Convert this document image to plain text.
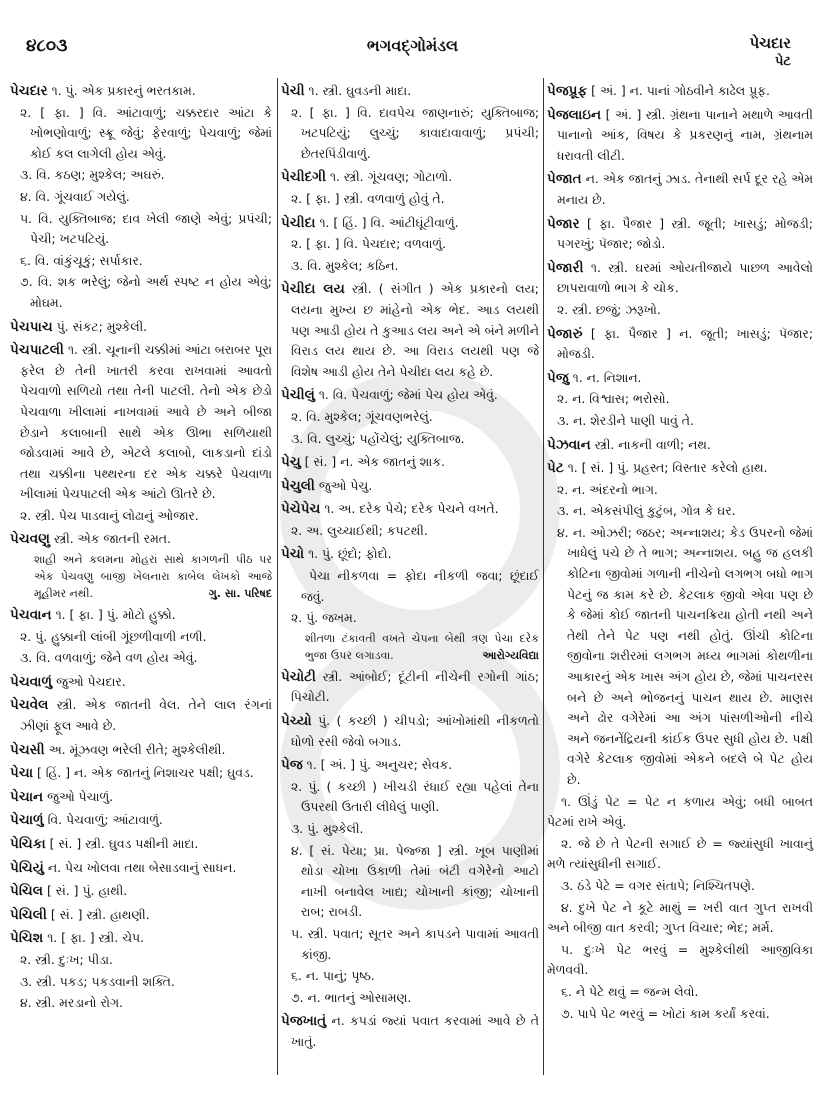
૪૮૦૩	ભગવદ્ગોમંડલ	પેચદાર
પેટ
પેચદાર ૧. પું. એક પ્રકારનું ભરતકામ.
૨. [ ફા. ] વિ. આંટાવાળું; ચક્કરદાર આંટા કે ખોભણોવાળું; સ્ક્રૂ જેવું; ફેરવાળું; પેચવાળું; જેમાં કોઈ કલ લાગેલી હોય એવું.
૩. વિ. કઠણ; મુશ્કેલ; અઘરું.
૪. વિ. ગૂંચવાઈ ગયેલું.
૫. વિ. યુક્તિબાજ; દાવ ખેલી જાણે એવું; પ્રપંચી; પેચી; ખટપટિયું.
૬. વિ. વાંકુંચૂકું; સર્પાકાર.
૭. વિ. શક ભરેલું; જેનો અર્થ સ્પષ્ટ ન હોય એવું; મોઘમ.
પેચપાચ પું. સંકટ; મુશ્કેલી.
પેચપાટલી ૧. સ્ત્રી. ચૂનાની ચક્કીમાં આંટા બરાબર પૂરા ફરેલ છે તેની ખાતરી કરવા રાખવામાં આવતો પેચવાળો સળિયો તથા તેની પાટલી. તેનો એક છેડો પેચવાળા ખીલામાં નાખવામાં આવે છે અને બીજા છેડાને કલાબાની સાથે એક ઊભા સળિયાથી જોડવામાં આવે છે, એટલે કલાબો, લાકડાનો દાંડો તથા ચક્કીના પથ્થરના દર એક ચક્કરે પેચવાળા ખીલામાં પેચપાટલી એક આંટો ઊતરે છે.
૨. સ્ત્રી. પેચ પાડવાનું લોઢાનું ઓજાર.
પેચવણુ સ્ત્રી. એક જાતની રમત.
શાહી અને કલમના મોહરાં સાથે કાગળની પીઠ પર એક પેચવણુ બાજી ખેલનારા કાબેલ લેખકો આજે મૂહીમર નથી.	ગુ. સા. પરિષદ
પેચવાન ૧. [ ફા. ] પું. મોટો હુક્કો.
૨. પું. હુક્કાની લાંબી ગૂંછળીવાળી નળી.
૩. વિ. વળવાળું; જેને વળ હોય એવું.
પેચવાળું જુઓ પેચદાર.
પેચવેલ સ્ત્રી. એક જાતની વેલ. તેને લાલ રંગનાં ઝીણાં ફૂલ આવે છે.
પેચસી અ. મૂંઝવણ ભરેલી રીતે; મુશ્કેલીથી.
પેચા [ હિં. ] ન. એક જાતનું નિશાચર પક્ષી; ઘુવડ.
પેચાન જુઓ પેચાળું.
પેચાળું વિ. પેચવાળું; આંટાવાળું.
પેચિકા [ સં. ] સ્ત્રી. ઘુવડ પક્ષીની માદા.
પેચિયું ન. પેચ ખોલવા તથા બેસાડવાનું સાધન.
પેચિલ [ સં. ] પું. હાથી.
પેચિલી [ સં. ] સ્ત્રી. હાથણી.
પેચિશ ૧. [ ફા. ] સ્ત્રી. ચેપ.
૨. સ્ત્રી. દુઃખ; પીડા.
૩. સ્ત્રી. પકડ; પકડવાની શક્તિ.
૪. સ્ત્રી. મરડાનો રોગ.
પેચી ૧. સ્ત્રી. ઘુવડની માદા.
૨. [ ફા. ] વિ. દાવપેચ જાણનારું; યુક્તિબાજ; ખટપટિયું; લુચ્ચું; કાવાદાવાવાળું; પ્રપંચી; છેતરપિંડીવાળું.
પેચીદગી ૧. સ્ત્રી. ગૂંચવણ; ગોટાળો.
૨. [ ફા. ] સ્ત્રી. વળવાળું હોવું તે.
પેચીદા ૧. [ હિં. ] વિ. આંટીઘૂંટીવાળું.
૨. [ ફા. ] વિ. પેચદાર; વળવાળું.
૩. વિ. મુશ્કેલ; કઠિન.
પેચીદા લય સ્ત્રી. ( સંગીત ) એક પ્રકારનો લય; લયના મુખ્ય છ માંહેનો એક ભેદ. આડ લયથી પણ આડી હોય તે કુઆડ લય અને એ બંને મળીને વિરાડ લય થાય છે. આ વિરાડ લયથી પણ જે વિશેષ આડી હોય તેને પેચીદા લય કહે છે.
પેચીલું ૧. વિ. પેચવાળું; જેમાં પેચ હોય એવું.
૨. વિ. મુશ્કેલ; ગૂંચવણભરેલું.
૩. વિ. લુચ્ચું; પહોંચેલું; યુક્તિબાજ.
પેચુ [ સં. ] ન. એક જાતનું શાક.
પેચુલી જુઓ પેચુ.
પેચેપેચ ૧. અ. દરેક પેચે; દરેક પેચને વખતે.
૨. અ. લુચ્ચાઈથી; કપટથી.
પેચો ૧. પું. છૂંદો; ફોદો.
પેચા નીકળવા = ફોદા નીકળી જવા; છૂંદાઈ જવું.
૨. પું. જખમ.
શીતળા ટંકાવતી વખતે ચેપના બેથી ત્રણ પેચા દરેક ભુજા ઉપર લગાડવા.	આરોગ્યવિદ્યા
પેચોટી સ્ત્રી. આંબોઈ; દૂંટીની નીચેની રગોની ગાંઠ; પિચોટી.
પેચ્યો પું. ( કચ્છી ) ચીપડો; આંખોમાંથી નીકળતો ધોળો રસી જેવો બગાડ.
પેજ ૧. [ અં. ] પું. અનુચર; સેવક.
૨. પું. ( કચ્છી ) ખીચડી રંધાઈ રહ્યા પહેલાં તેના ઉપરથી ઉતારી લીધેલું પાણી.
૩. પું. મુશ્કેલી.
૪. [ સં. પેયા; પ્રા. પેજ્જા ] સ્ત્રી. ખૂબ પાણીમાં થોડા ચોખા ઉકાળી તેમાં બંટી વગેરેનો આટો નાખી બનાવેલ ખાદ્ય; ચોખાની કાંજી; ચોખાની રાબ; રાબડી.
૫. સ્ત્રી. પવાત; સૂતર અને કાપડને પાવામાં આવતી કાંજી.
૬. ન. પાનું; પૃષ્ઠ.
૭. ન. ભાતનું ઓસામણ.
પેજખાતું ન. કપડાં જ્યાં પવાત કરવામાં આવે છે તે ખાતું.
પેજપ્રૂફ [ અં. ] ન. પાનાં ગોઠવીને કાઢેલ પ્રૂફ.
પેજલાઇન [ અં. ] સ્ત્રી. ગ્રંથના પાનાને મથાળે આવતી પાનાનો આંક, વિષય કે પ્રકરણનું નામ, ગ્રંથનામ ધરાવતી લીટી.
પેજાત ન. એક જાતનું ઝાડ. તેનાથી સર્પ દૂર રહે એમ મનાય છે.
પેજાર [ ફા. પૈજાર ] સ્ત્રી. જૂતી; ખાસડું; મોજડી; પગરખું; પૅજાર; જોડો.
પેજારી ૧. સ્ત્રી. ઘરમાં ઓયતીજાયે પાછળ આવેલો છાપરાવાળો ભાગ કે ચોક.
૨. સ્ત્રી. છજું; ઝરૂખો.
પેજારું [ ફા. પૈજાર ] ન. જૂતી; ખાસડું; પૅજાર; મોજડી.
પેજુ ૧. ન. નિશાન.
૨. ન. વિશ્વાસ; ભરોસો.
૩. ન. શેરડીને પાણી પાવું તે.
પેઝવાન સ્ત્રી. નાકની વાળી; નથ.
પેટ ૧. [ સં. ] પું. પ્રહસ્ત; વિસ્તાર કરેલો હાથ.
૨. ન. અંદરનો ભાગ.
૩. ન. એકસંપીલું કુટુંબ, ગોત્ર કે ઘર.
૪. ન. ઓઝરી; જઠર; અન્નાશય; કેડ ઉપરનો જેમાં ખાધેલું પચે છે તે ભાગ; અન્નાશય. બહુ જ હલકી કોટિના જીવોમાં ગળાની નીચેનો લગભગ બધો ભાગ પેટનું જ કામ કરે છે. કેટલાક જીવો એવા પણ છે કે જેમાં કોઈ જાતની પાચનક્રિયા હોતી નથી અને તેથી તેને પેટ પણ નથી હોતું. ઊંચી કોટિના જીવોના શરીરમાં લગભગ મધ્ય ભાગમાં કોથળીના આકારનું એક ખાસ અંગ હોય છે, જેમાં પાચનરસ બને છે અને ભોજનનું પાચન થાય છે. માણસ અને ઢોર વગેરેમાં આ અંગ પાંસળીઓની નીચે અને જનનેંદ્રિયની કાંઈક ઉપર સુધી હોય છે. પક્ષી વગેરે કેટલાક જીવોમાં એકને બદલે બે પેટ હોય છે.
૧. ઊંડું પેટ = પેટ ન કળાય એવું; બધી બાબત પેટમાં રાખે એવું.
૨. જે છે તે પેટની સગાઈ છે = જ્યાંસુધી ખાવાનું મળે ત્યાંસુધીની સગાઈ.
૩. ઠંડે પેટે = વગર સંતાપે; નિશ્ચિતપણે.
૪. દુખે પેટ ને કૂટે માથું = ખરી વાત ગુપ્ત રાખવી અને બીજી વાત કરવી; ગુપ્ત વિચાર; ભેદ; મર્મ.
૫. દુઃખે પેટ ભરવું = મુશ્કેલીથી આજીવિકા મેળવવી.
૬. ને પેટે થવું = જન્મ લેવો.
૭. પાપે પેટ ભરવું = ખોટાં કામ કર્યાં કરવાં.
